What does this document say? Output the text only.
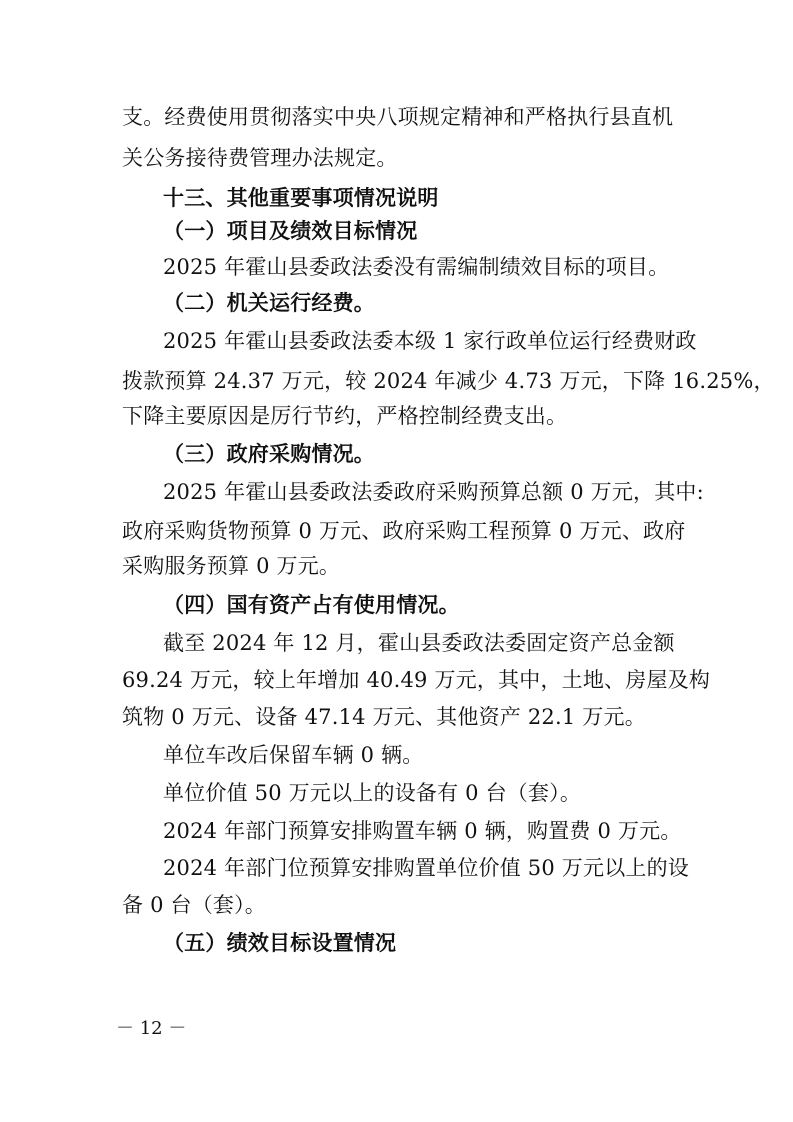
支。经费使用贯彻落实中央八项规定精神和严格执行县直机
关公务接待费管理办法规定。
十三、其他重要事项情况说明
（一）项目及绩效目标情况
2025 年霍山县委政法委没有需编制绩效目标的项目。
（二）机关运行经费。
2025 年霍山县委政法委本级 1 家行政单位运行经费财政
拨款预算 24.37 万元，较 2024 年减少 4.73 万元，下降 16.25%，
下降主要原因是厉行节约，严格控制经费支出。
（三）政府采购情况。
2025 年霍山县委政法委政府采购预算总额 0 万元，其中:
政府采购货物预算 0 万元、政府采购工程预算 0 万元、政府
采购服务预算 0 万元。
（四）国有资产占有使用情况。
截至 2024 年 12 月，霍山县委政法委固定资产总金额
69.24 万元，较上年增加 40.49 万元，其中，土地、房屋及构
筑物 0 万元、设备 47.14 万元、其他资产 22.1 万元。
单位车改后保留车辆 0 辆。
单位价值 50 万元以上的设备有 0 台（套）。
2024 年部门预算安排购置车辆 0 辆，购置费 0 万元。
2024 年部门位预算安排购置单位价值 50 万元以上的设
备 0 台（套）。
（五）绩效目标设置情况
－ 12 －
